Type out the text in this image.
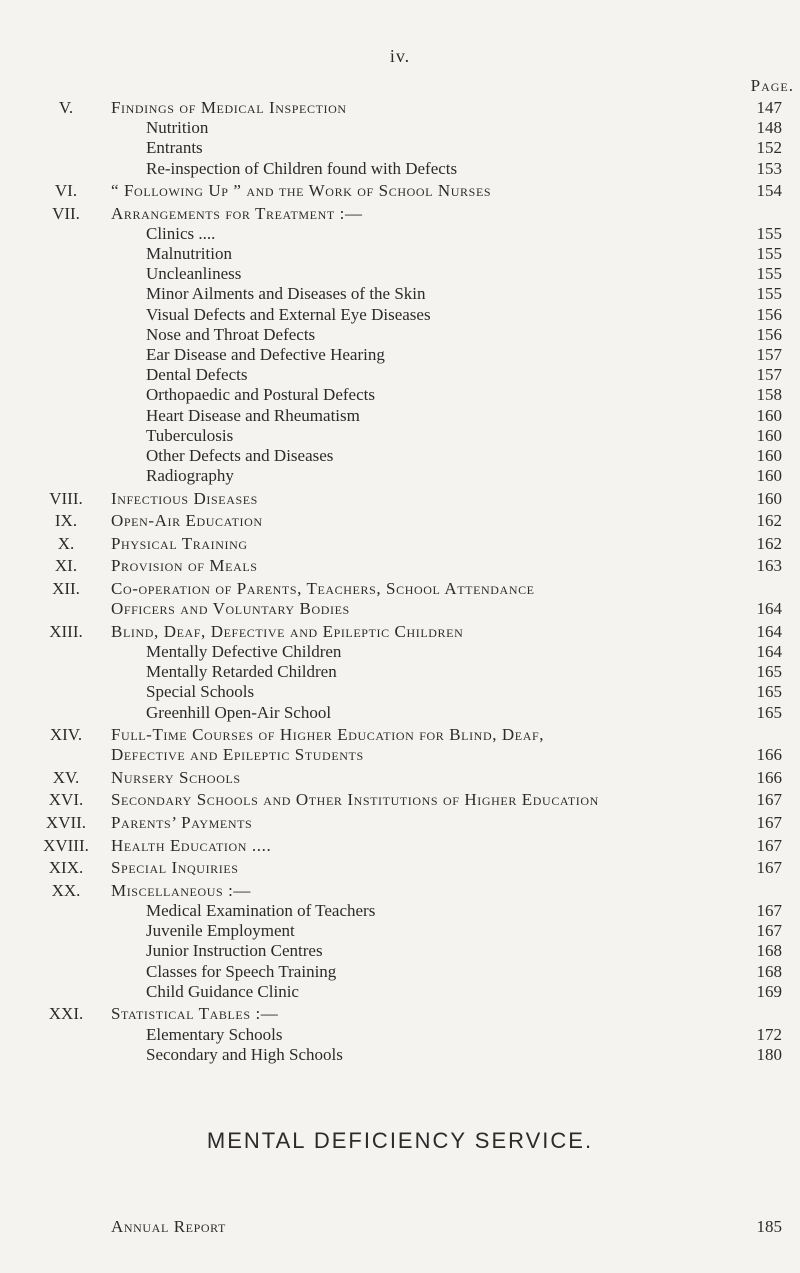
iv.
Page.
V.	Findings of Medical Inspection	147
Nutrition	148
Entrants	152
Re-inspection of Children found with Defects	153
VI.	“ Following Up ” and the Work of School Nurses	154
VII.	Arrangements for Treatment :—
Clinics ....	155
Malnutrition	155
Uncleanliness	155
Minor Ailments and Diseases of the Skin	155
Visual Defects and External Eye Diseases	156
Nose and Throat Defects	156
Ear Disease and Defective Hearing	157
Dental Defects	157
Orthopaedic and Postural Defects	158
Heart Disease and Rheumatism	160
Tuberculosis	160
Other Defects and Diseases	160
Radiography	160
VIII.	Infectious Diseases	160
IX.	Open-Air Education	162
X.	Physical Training	162
XI.	Provision of Meals	163
XII.	Co-operation of Parents, Teachers, School Attendance
Officers and Voluntary Bodies	164
XIII.	Blind, Deaf, Defective and Epileptic Children	164
Mentally Defective Children	164
Mentally Retarded Children	165
Special Schools	165
Greenhill Open-Air School	165
XIV.	Full-Time Courses of Higher Education for Blind, Deaf,
Defective and Epileptic Students	166
XV.	Nursery Schools	166
XVI.	Secondary Schools and Other Institutions of Higher Education	167
XVII.	Parents’ Payments	167
XVIII.	Health Education ....	167
XIX.	Special Inquiries	167
XX.	Miscellaneous :—
Medical Examination of Teachers	167
Juvenile Employment	167
Junior Instruction Centres	168
Classes for Speech Training	168
Child Guidance Clinic	169
XXI.	Statistical Tables :—
Elementary Schools	172
Secondary and High Schools	180
MENTAL DEFICIENCY SERVICE.
Annual Report	185
